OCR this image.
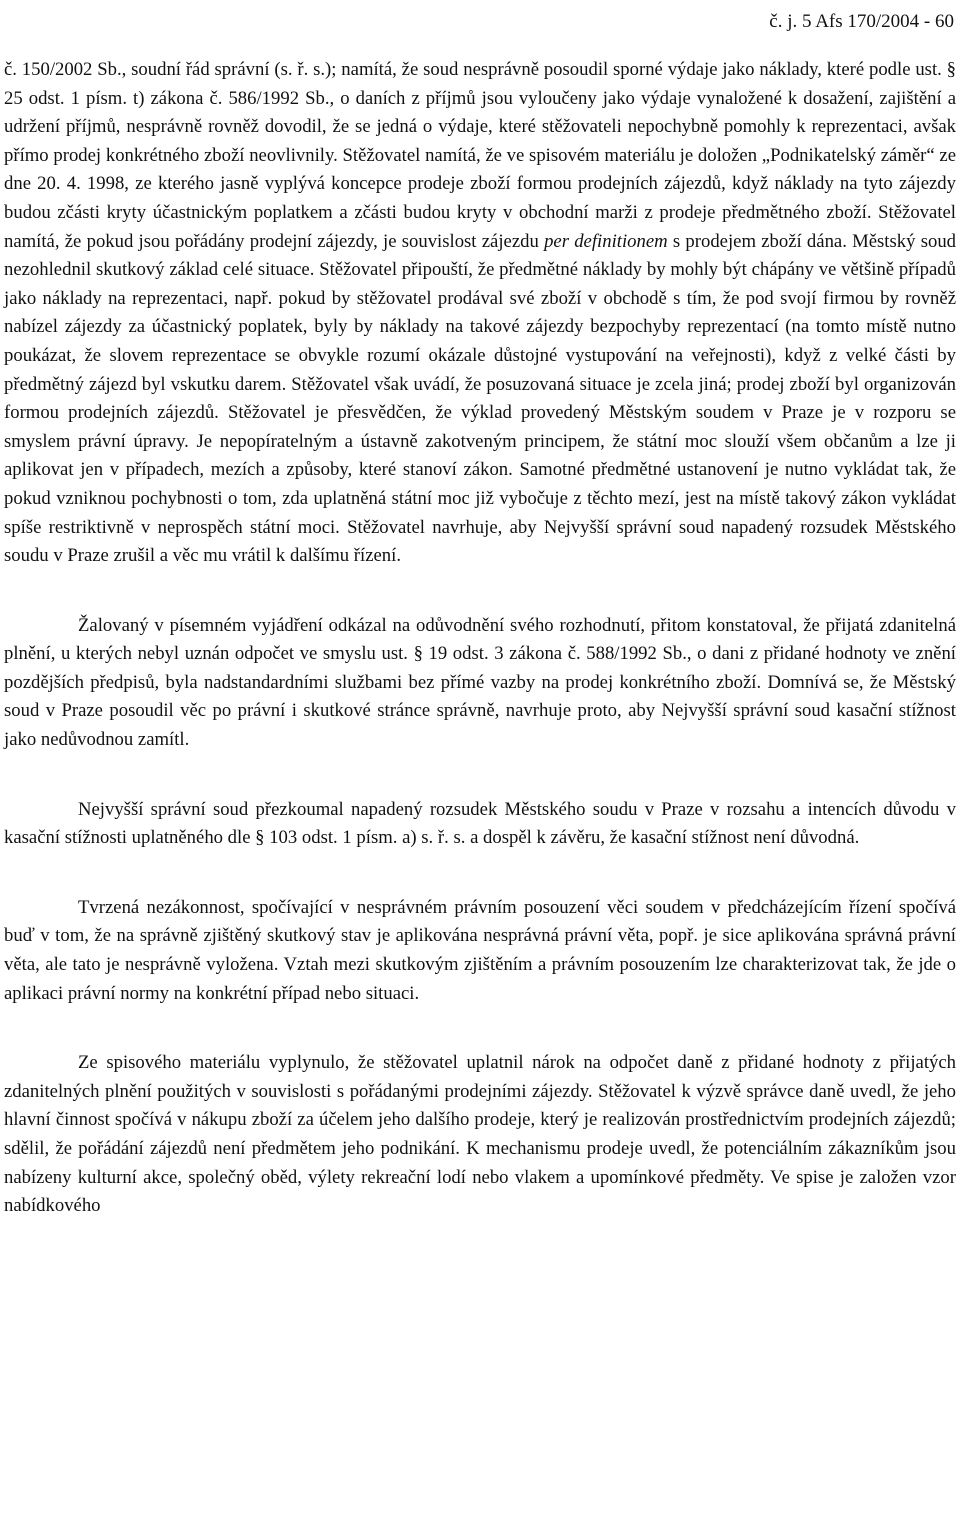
č. j. 5 Afs 170/2004 - 60

č. 150/2002 Sb., soudní řád správní (s. ř. s.); namítá, že soud nesprávně posoudil sporné výdaje jako náklady, které podle ust. § 25 odst. 1 písm. t) zákona č. 586/1992 Sb., o daních z příjmů jsou vyloučeny jako výdaje vynaložené k dosažení, zajištění a udržení příjmů, nesprávně rovněž dovodil, že se jedná o výdaje, které stěžovateli nepochybně pomohly k reprezentaci, avšak přímo prodej konkrétného zboží neovlivnily. Stěžovatel namítá, že ve spisovém materiálu je doložen „Podnikatelský záměr“ ze dne 20. 4. 1998, ze kterého jasně vyplývá koncepce prodeje zboží formou prodejních zájezdů, když náklady na tyto zájezdy budou zčásti kryty účastnickým poplatkem a zčásti budou kryty v obchodní marži z prodeje předmětného zboží. Stěžovatel namítá, že pokud jsou pořádány prodejní zájezdy, je souvislost zájezdu per definitionem s prodejem zboží dána. Městský soud nezohlednil skutkový základ celé situace. Stěžovatel připouští, že předmětné náklady by mohly být chápány ve většině případů jako náklady na reprezentaci, např. pokud by stěžovatel prodával své zboží v obchodě s tím, že pod svojí firmou by rovněž nabízel zájezdy za účastnický poplatek, byly by náklady na takové zájezdy bezpochyby reprezentací (na tomto místě nutno poukázat, že slovem reprezentace se obvykle rozumí okázale důstojné vystupování na veřejnosti), když z velké části by předmětný zájezd byl vskutku darem. Stěžovatel však uvádí, že posuzovaná situace je zcela jiná; prodej zboží byl organizován formou prodejních zájezdů. Stěžovatel je přesvědčen, že výklad provedený Městským soudem v Praze je v rozporu se smyslem právní úpravy. Je nepopíratelným a ústavně zakotveným principem, že státní moc slouží všem občanům a lze ji aplikovat jen v případech, mezích a způsoby, které stanoví zákon. Samotné předmětné ustanovení je nutno vykládat tak, že pokud vzniknou pochybnosti o tom, zda uplatněná státní moc již vybočuje z těchto mezí, jest na místě takový zákon vykládat spíše restriktivně v neprospěch státní moci. Stěžovatel navrhuje, aby Nejvyšší správní soud napadený rozsudek Městského soudu v Praze zrušil a věc mu vrátil k dalšímu řízení.

Žalovaný v písemném vyjádření odkázal na odůvodnění svého rozhodnutí, přitom konstatoval, že přijatá zdanitelná plnění, u kterých nebyl uznán odpočet ve smyslu ust. § 19 odst. 3 zákona č. 588/1992 Sb., o dani z přidané hodnoty ve znění pozdějších předpisů, byla nadstandardními službami bez přímé vazby na prodej konkrétního zboží. Domnívá se, že Městský soud v Praze posoudil věc po právní i skutkové stránce správně, navrhuje proto, aby Nejvyšší správní soud kasační stížnost jako nedůvodnou zamítl.

Nejvyšší správní soud přezkoumal napadený rozsudek Městského soudu v Praze v rozsahu a intencích důvodu v kasační stížnosti uplatněného dle § 103 odst. 1 písm. a) s. ř. s. a dospěl k závěru, že kasační stížnost není důvodná.

Tvrzená nezákonnost, spočívající v nesprávném právním posouzení věci soudem v předcházejícím řízení spočívá buď v tom, že na správně zjištěný skutkový stav je aplikována nesprávná právní věta, popř. je sice aplikována správná právní věta, ale tato je nesprávně vyložena. Vztah mezi skutkovým zjištěním a právním posouzením lze charakterizovat tak, že jde o aplikaci právní normy na konkrétní případ nebo situaci.

Ze spisového materiálu vyplynulo, že stěžovatel uplatnil nárok na odpočet daně z přidané hodnoty z přijatých zdanitelných plnění použitých v souvislosti s pořádanými prodejními zájezdy. Stěžovatel k výzvě správce daně uvedl, že jeho hlavní činnost spočívá v nákupu zboží za účelem jeho dalšího prodeje, který je realizován prostřednictvím prodejních zájezdů; sdělil, že pořádání zájezdů není předmětem jeho podnikání. K mechanismu prodeje uvedl, že potenciálním zákazníkům jsou nabízeny kulturní akce, společný oběd, výlety rekreační lodí nebo vlakem a upomínkové předměty. Ve spise je založen vzor nabídkového
